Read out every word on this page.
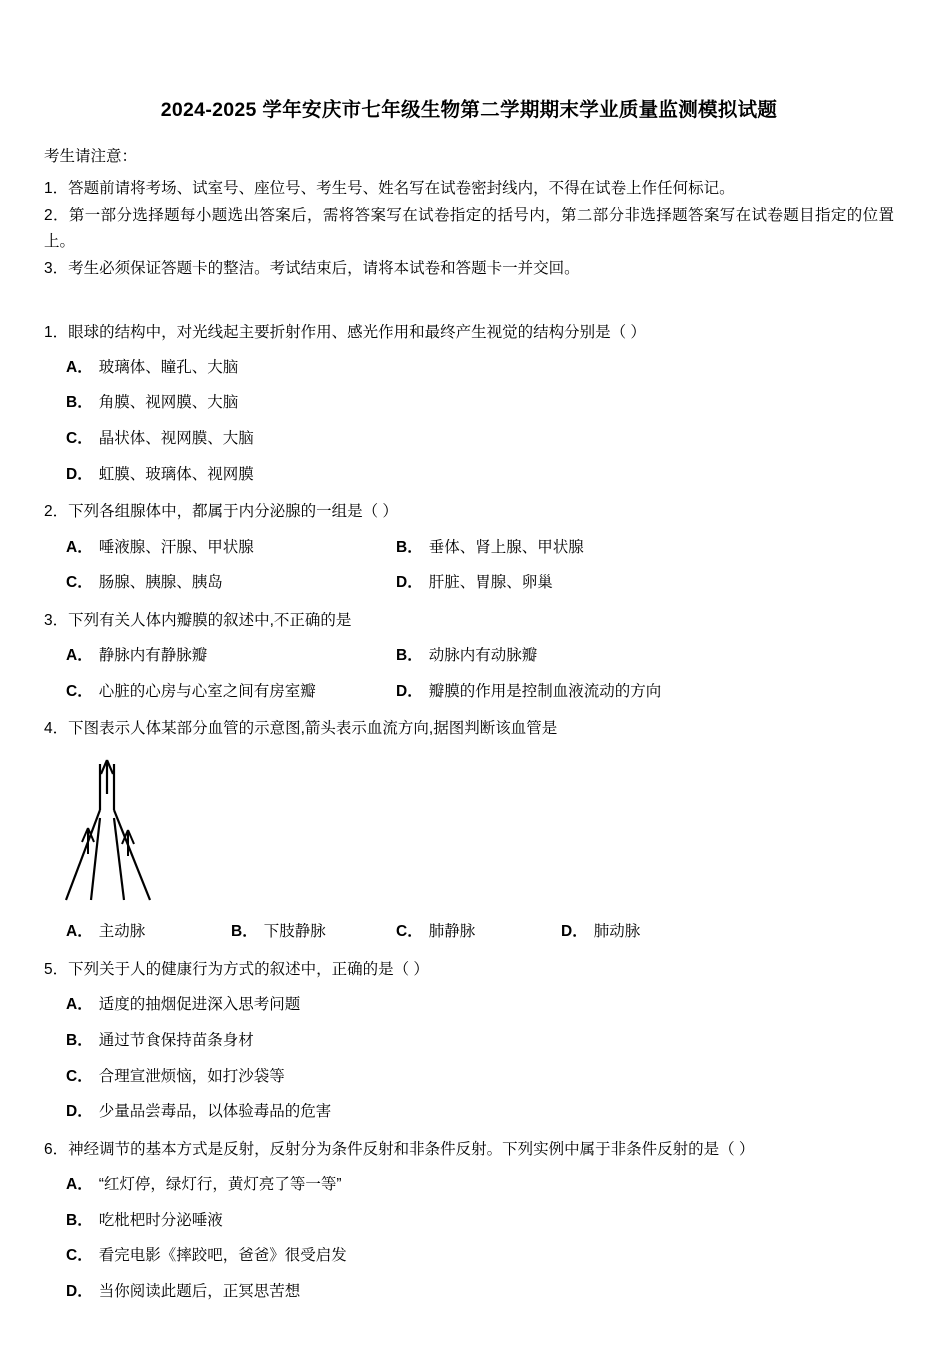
2024-2025 学年安庆市七年级生物第二学期期末学业质量监测模拟试题

考生请注意：

1．答题前请将考场、试室号、座位号、考生号、姓名写在试卷密封线内，不得在试卷上作任何标记。

2．第一部分选择题每小题选出答案后，需将答案写在试卷指定的括号内，第二部分非选择题答案写在试卷题目指定的位置上。

3．考生必须保证答题卡的整洁。考试结束后，请将本试卷和答题卡一并交回。

1．眼球的结构中，对光线起主要折射作用、感光作用和最终产生视觉的结构分别是（ ）

A． 玻璃体、瞳孔、大脑

B． 角膜、视网膜、大脑

C． 晶状体、视网膜、大脑

D． 虹膜、玻璃体、视网膜

2．下列各组腺体中，都属于内分泌腺的一组是（ ）

A． 唾液腺、汗腺、甲状腺	B． 垂体、肾上腺、甲状腺
C． 肠腺、胰腺、胰岛	D． 肝脏、胃腺、卵巢

3．下列有关人体内瓣膜的叙述中,不正确的是

A． 静脉内有静脉瓣	B． 动脉内有动脉瓣
C． 心脏的心房与心室之间有房室瓣	D． 瓣膜的作用是控制血液流动的方向

4．下图表示人体某部分血管的示意图,箭头表示血流方向,据图判断该血管是

A． 主动脉	B． 下肢静脉	C． 肺静脉	D． 肺动脉

5．下列关于人的健康行为方式的叙述中，正确的是（ ）

A． 适度的抽烟促进深入思考问题

B． 通过节食保持苗条身材

C． 合理宣泄烦恼，如打沙袋等

D． 少量品尝毒品，以体验毒品的危害

6．神经调节的基本方式是反射，反射分为条件反射和非条件反射。下列实例中属于非条件反射的是（ ）

A． “红灯停，绿灯行，黄灯亮了等一等”

B． 吃枇杷时分泌唾液

C． 看完电影《摔跤吧，爸爸》很受启发

D． 当你阅读此题后，正冥思苦想
